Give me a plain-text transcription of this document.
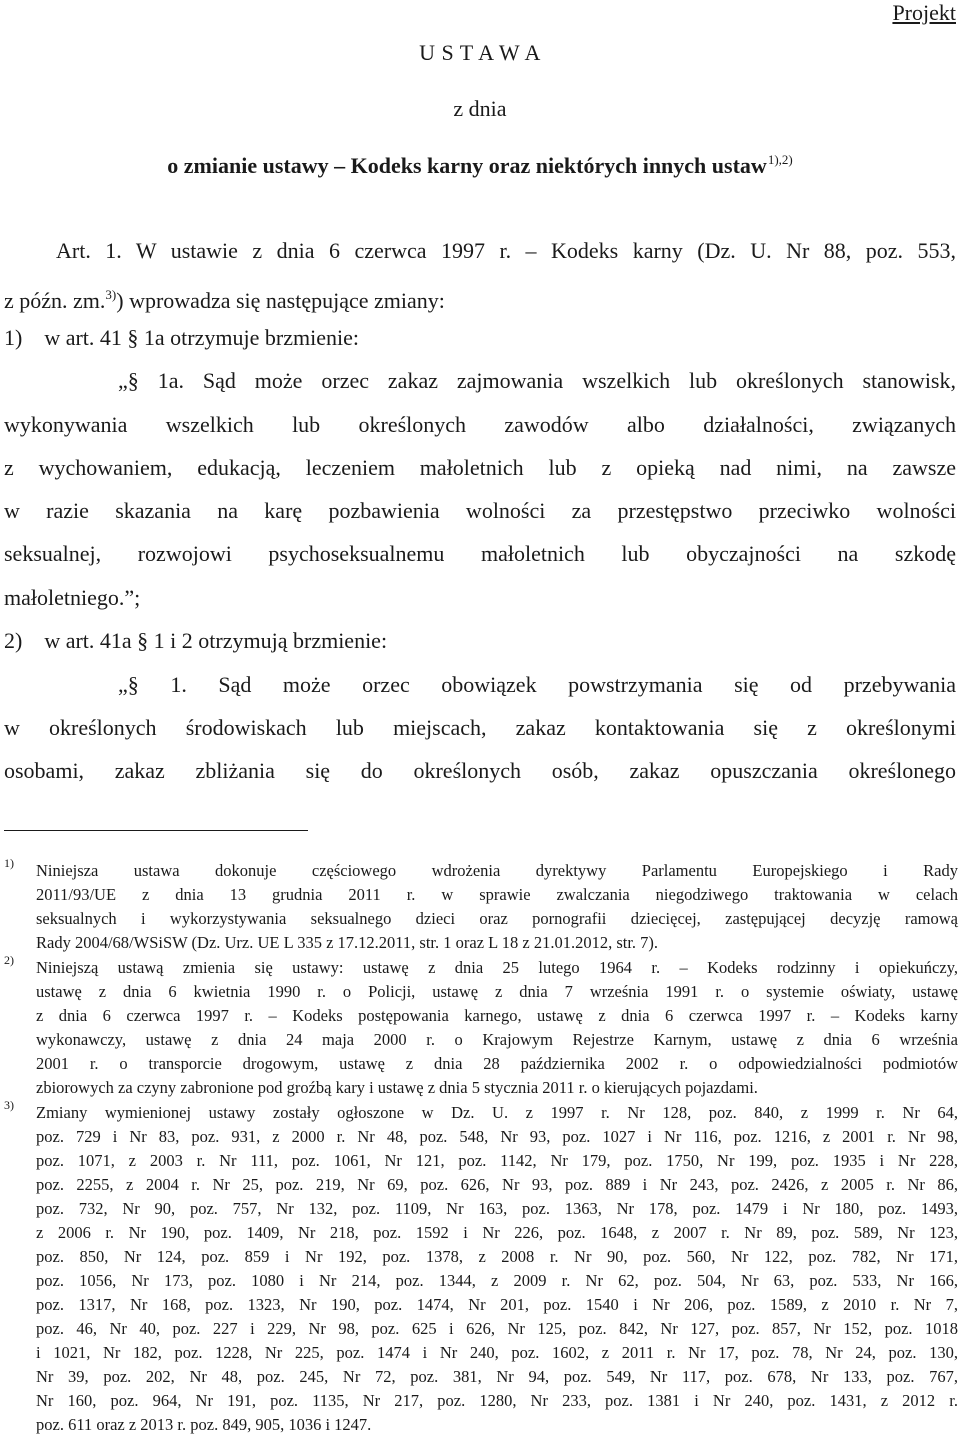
Projekt
U S T A W A
z dnia
o zmianie ustawy – Kodeks karny oraz niektórych innych ustaw$^{1),2)}$
Art. 1. W ustawie z dnia 6 czerwca 1997 r. – Kodeks karny (Dz. U. Nr 88, poz. 553,
z późn. zm.$^{3)}$) wprowadza się następujące zmiany:
1)    w art. 41 § 1a otrzymuje brzmienie:
„§ 1a. Sąd może orzec zakaz zajmowania wszelkich lub określonych stanowisk,
wykonywania wszelkich lub określonych zawodów albo działalności, związanych
z wychowaniem, edukacją, leczeniem małoletnich lub z opieką nad nimi, na zawsze
w razie skazania na karę pozbawienia wolności za przestępstwo przeciwko wolności
seksualnej, rozwojowi psychoseksualnemu małoletnich lub obyczajności na szkodę
małoletniego.”;
2)    w art. 41a § 1 i 2 otrzymują brzmienie:
„§ 1. Sąd może orzec obowiązek powstrzymania się od przebywania
w określonych środowiskach lub miejscach, zakaz kontaktowania się z określonymi
osobami, zakaz zbliżania się do określonych osób, zakaz opuszczania określonego
1) Niniejsza ustawa dokonuje częściowego wdrożenia dyrektywy Parlamentu Europejskiego i Rady
2011/93/UE z dnia 13 grudnia 2011 r. w sprawie zwalczania niegodziwego traktowania w celach
seksualnych i wykorzystywania seksualnego dzieci oraz pornografii dziecięcej, zastępującej decyzję ramową
Rady 2004/68/WSiSW (Dz. Urz. UE L 335 z 17.12.2011, str. 1 oraz L 18 z 21.01.2012, str. 7).
2) Niniejszą ustawą zmienia się ustawy: ustawę z dnia 25 lutego 1964 r. – Kodeks rodzinny i opiekuńczy,
ustawę z dnia 6 kwietnia 1990 r. o Policji, ustawę z dnia 7 września 1991 r. o systemie oświaty, ustawę
z dnia 6 czerwca 1997 r. – Kodeks postępowania karnego, ustawę z dnia 6 czerwca 1997 r. – Kodeks karny
wykonawczy, ustawę z dnia 24 maja 2000 r. o Krajowym Rejestrze Karnym, ustawę z dnia 6 września
2001 r. o transporcie drogowym, ustawę z dnia 28 października 2002 r. o odpowiedzialności podmiotów
zbiorowych za czyny zabronione pod groźbą kary i ustawę z dnia 5 stycznia 2011 r. o kierujących pojazdami.
3) Zmiany wymienionej ustawy zostały ogłoszone w Dz. U. z 1997 r. Nr 128, poz. 840, z 1999 r. Nr 64,
poz. 729 i Nr 83, poz. 931, z 2000 r. Nr 48, poz. 548, Nr 93, poz. 1027 i Nr 116, poz. 1216, z 2001 r. Nr 98,
poz. 1071, z 2003 r. Nr 111, poz. 1061, Nr 121, poz. 1142, Nr 179, poz. 1750, Nr 199, poz. 1935 i Nr 228,
poz. 2255, z 2004 r. Nr 25, poz. 219, Nr 69, poz. 626, Nr 93, poz. 889 i Nr 243, poz. 2426, z 2005 r. Nr 86,
poz. 732, Nr 90, poz. 757, Nr 132, poz. 1109, Nr 163, poz. 1363, Nr 178, poz. 1479 i Nr 180, poz. 1493,
z 2006 r. Nr 190, poz. 1409, Nr 218, poz. 1592 i Nr 226, poz. 1648, z 2007 r. Nr 89, poz. 589, Nr 123,
poz. 850, Nr 124, poz. 859 i Nr 192, poz. 1378, z 2008 r. Nr 90, poz. 560, Nr 122, poz. 782, Nr 171,
poz. 1056, Nr 173, poz. 1080 i Nr 214, poz. 1344, z 2009 r. Nr 62, poz. 504, Nr 63, poz. 533, Nr 166,
poz. 1317, Nr 168, poz. 1323, Nr 190, poz. 1474, Nr 201, poz. 1540 i Nr 206, poz. 1589, z 2010 r. Nr 7,
poz. 46, Nr 40, poz. 227 i 229, Nr 98, poz. 625 i 626, Nr 125, poz. 842, Nr 127, poz. 857, Nr 152, poz. 1018
i 1021, Nr 182, poz. 1228, Nr 225, poz. 1474 i Nr 240, poz. 1602, z 2011 r. Nr 17, poz. 78, Nr 24, poz. 130,
Nr 39, poz. 202, Nr 48, poz. 245, Nr 72, poz. 381, Nr 94, poz. 549, Nr 117, poz. 678, Nr 133, poz. 767,
Nr 160, poz. 964, Nr 191, poz. 1135, Nr 217, poz. 1280, Nr 233, poz. 1381 i Nr 240, poz. 1431, z 2012 r.
poz. 611 oraz z 2013 r. poz. 849, 905, 1036 i 1247.
